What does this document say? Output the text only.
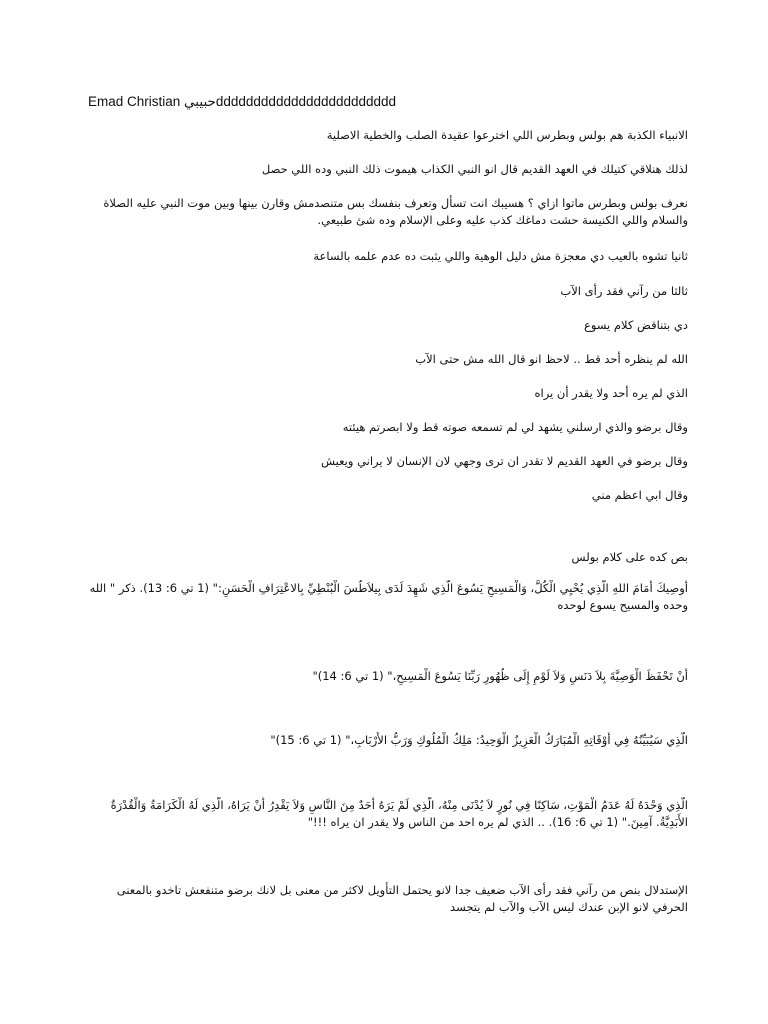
Emad Christian حبيبيdddddddddddddddddddddddd
الانبياء الكذبة هم بولس وبطرس اللي اخترعوا عقيدة الصلب والخطية الاصلية
لذلك هنلاقي كتيلك في العهد القديم قال انو النبي الكذاب هيموت ذلك النبي وده اللي حصل
نعرف بولس وبطرس ماتوا ازاي ؟ هسيبك انت تسأل وتعرف بنفسك بس متنصدمش وقارن بينها وبين موت النبي عليه الصلاة والسلام واللي الكنيسة حشت دماغك كذب عليه وعلى الإسلام وده شئ طبيعي.
ثانيا تشوه بالعيب دي معجزة مش دليل الوهية واللي يثبت ده عدم علمه بالساعة
ثالثا من رآني فقد رأى الآب
دي بتناقض كلام يسوع
الله لم ينظره أحد قط .. لاحظ انو قال الله مش حتى الآب
الذي لم يره أحد ولا يقدر أن يراه
وقال برضو والذي ارسلني يشهد لي لم تسمعه صوته قط ولا ابصرتم هيئته
وقال برضو في العهد القديم لا تقدر ان ترى وجهي لان الإنسان لا يراني ويعيش
وقال ابي اعظم مني
بص كده على كلام بولس
أُوصِيكَ أَمَامَ اللهِ الَّذِي يُحْيِي الْكُلَّ، وَالْمَسِيحِ يَسُوعَ الَّذِي شَهِدَ لَدَى بِيلاَطُسَ الْبُنْطِيِّ بِالاعْتِرَافِ الْحَسَنِ:" (1 تي 6: 13). ذكر " الله وحده والمسيح يسوع لوحده
أَنْ تَحْفَظَ الْوَصِيَّةَ بِلاَ دَنَسٍ وَلاَ لَوْمٍ إِلَى ظُهُورِ رَبِّنَا يَسُوعَ الْمَسِيحِ،" (1 تي 6: 14)"
الَّذِي سَيُبَيِّنُهُ فِي أَوْقَاتِهِ الْمُبَارَكُ الْعَزِيزُ الْوَحِيدُ: مَلِكُ الْمُلُوكِ وَرَبُّ الأَرْبَابِ،" (1 تي 6: 15)"
الَّذِي وَحْدَهُ لَهُ عَدَمُ الْمَوْتِ، سَاكِنًا فِي نُورٍ لاَ يُدْنَى مِنْهُ، الَّذِي لَمْ يَرَهُ أَحَدٌ مِنَ النَّاسِ وَلاَ يَقْدِرُ أَنْ يَرَاهُ، الَّذِي لَهُ الْكَرَامَةُ وَالْقُدْرَةُ الأَبَدِيَّةُ. آمِينَ." (1 تي 6: 16). .. الذي لم يره احد من الناس ولا يقدر ان يراه !!!"
الإستدلال بنص من رآني فقد رأى الآب ضعيف جدا لانو يحتمل التأويل لاكثر من معنى بل لانك برضو متنفعش تاخدو بالمعنى الحرفي لانو الإبن عندك ليس الآب والآب لم يتجسد
